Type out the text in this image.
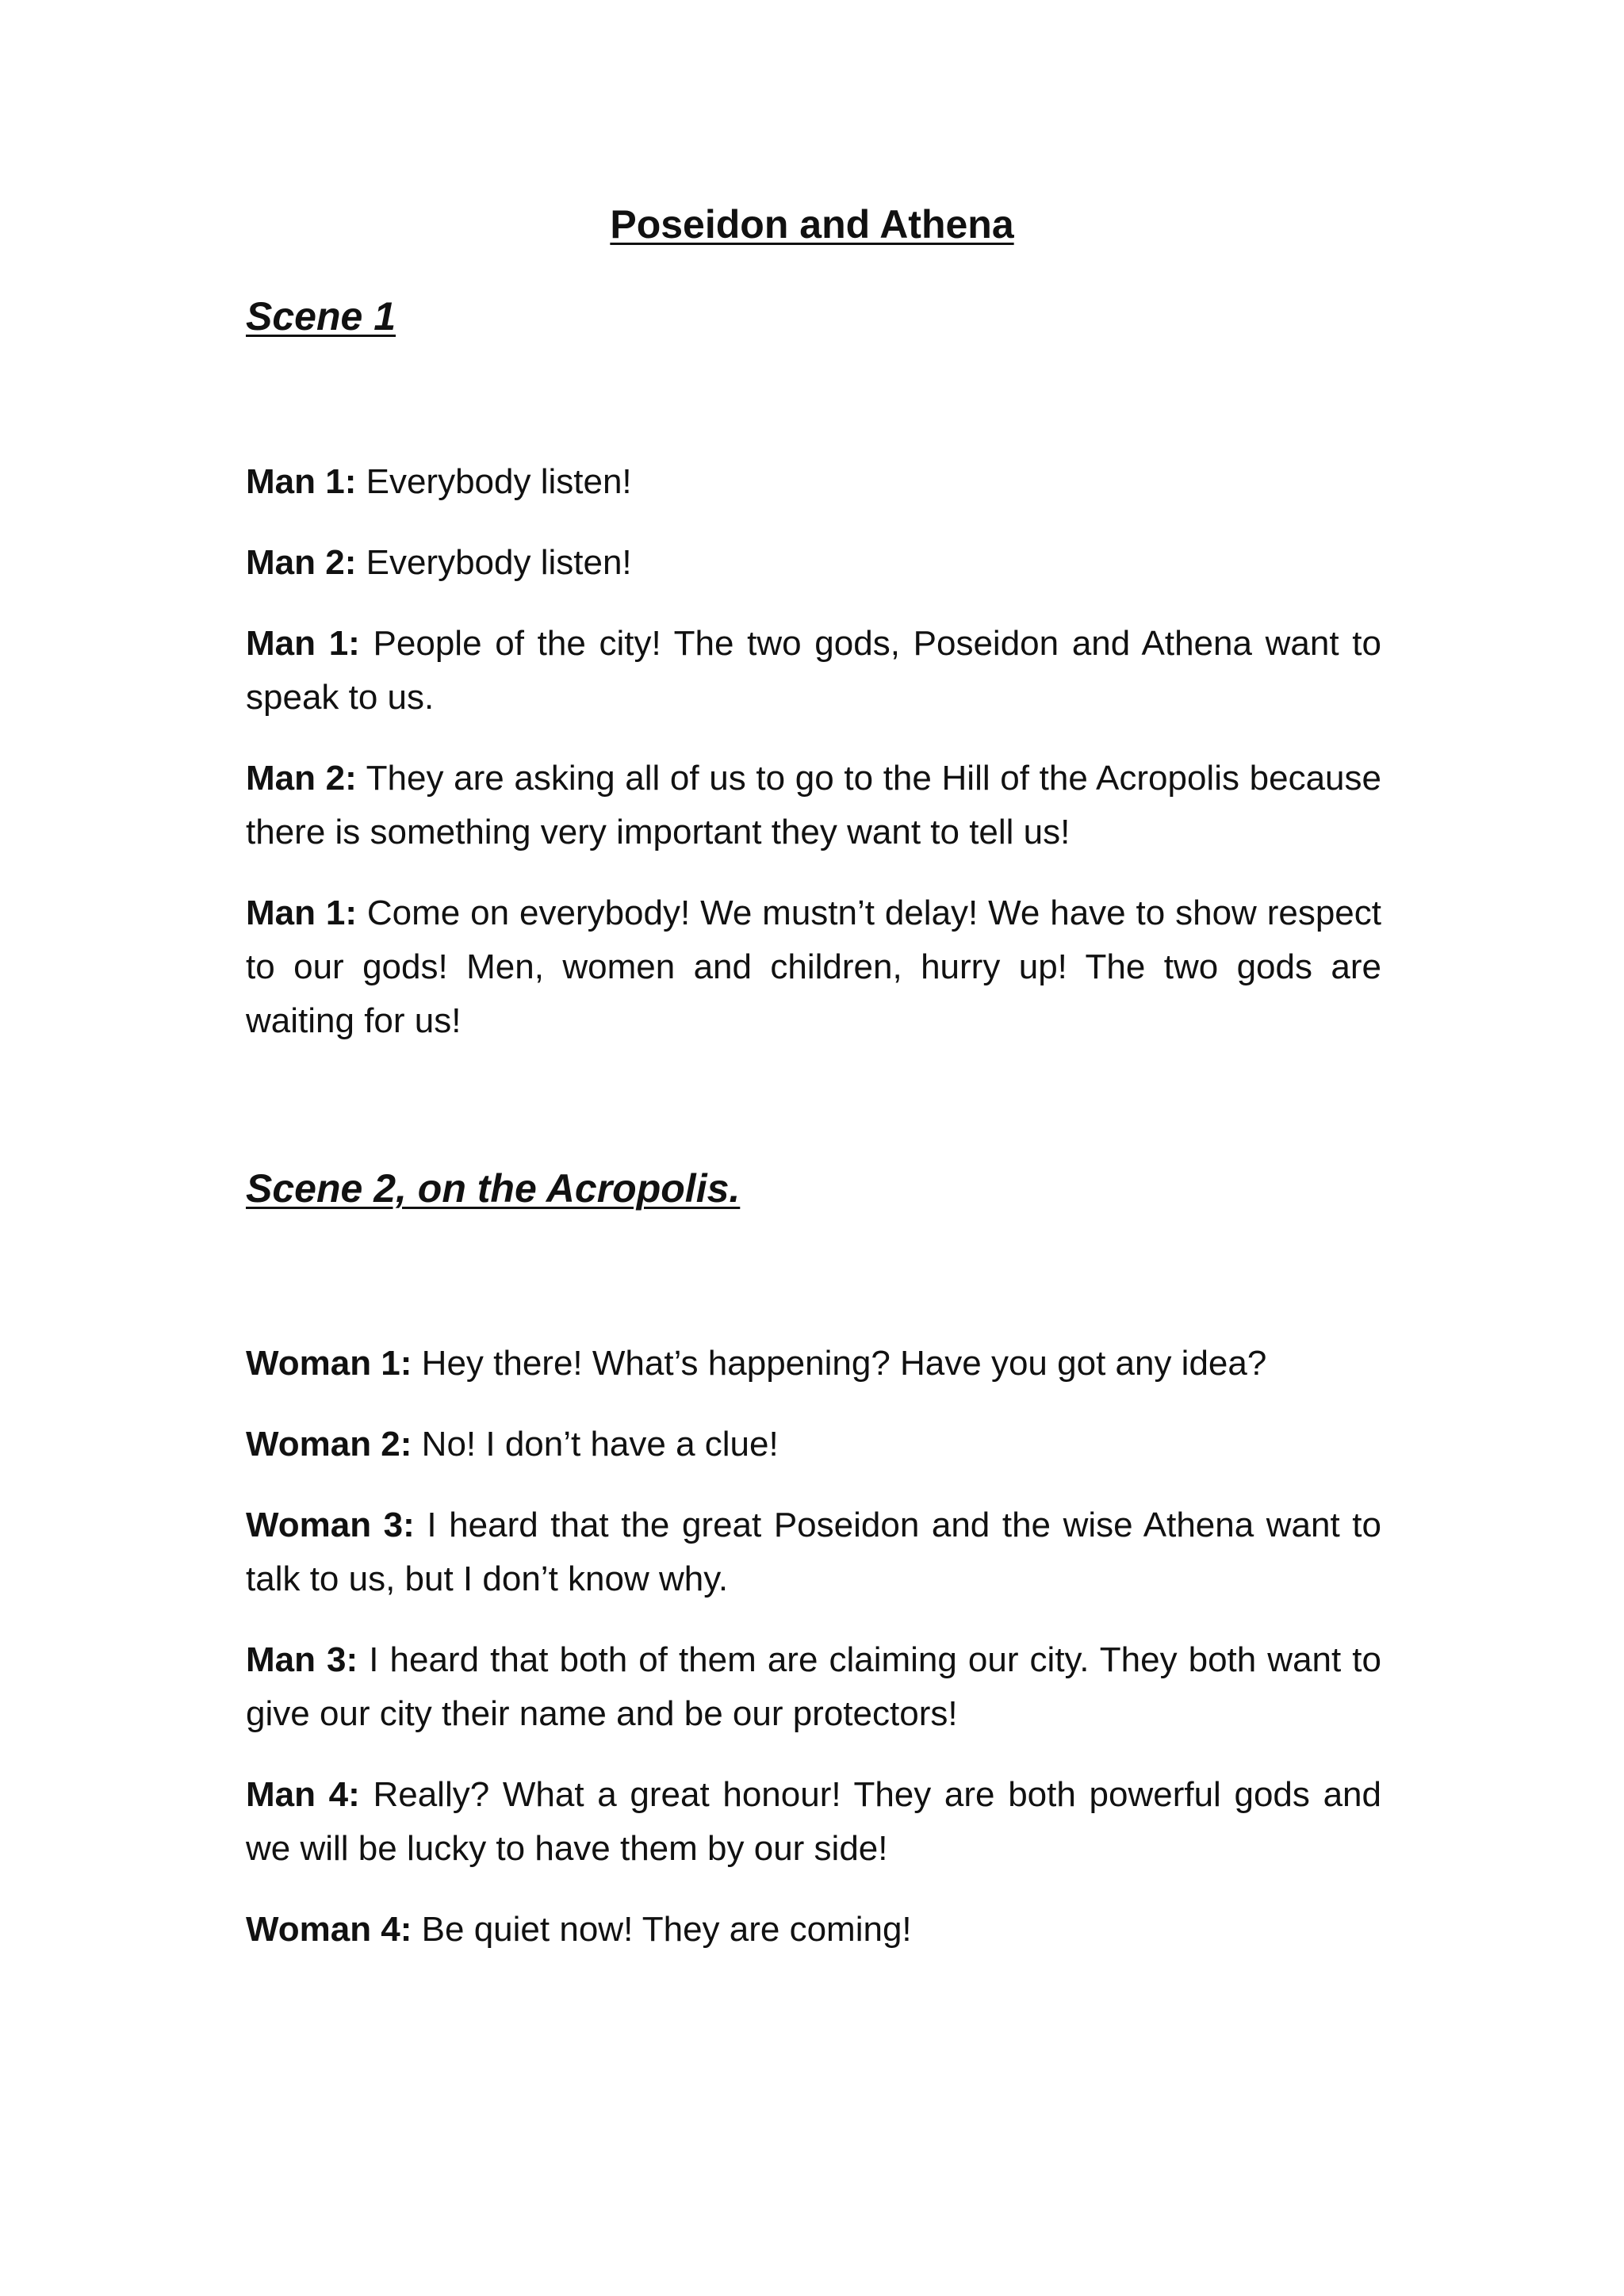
Poseidon and Athena
Scene 1
Man 1: Everybody listen!
Man 2: Everybody listen!
Man 1: People of the city! The two gods, Poseidon and Athena want to speak to us.
Man 2: They are asking all of us to go to the Hill of the Acropolis because there is something very important they want to tell us!
Man 1: Come on everybody! We mustn’t delay! We have to show respect to our gods! Men, women and children, hurry up! The two gods are waiting for us!
Scene 2, on the Acropolis.
Woman 1: Hey there! What’s happening? Have you got any idea?
Woman 2: No! I don’t have a clue!
Woman 3: I heard that the great Poseidon and the wise Athena want to talk to us, but I don’t know why.
Man 3: I heard that both of them are claiming our city. They both want to give our city their name and be our protectors!
Man 4: Really? What a great honour! They are both powerful gods and we will be lucky to have them by our side!
Woman 4: Be quiet now! They are coming!
